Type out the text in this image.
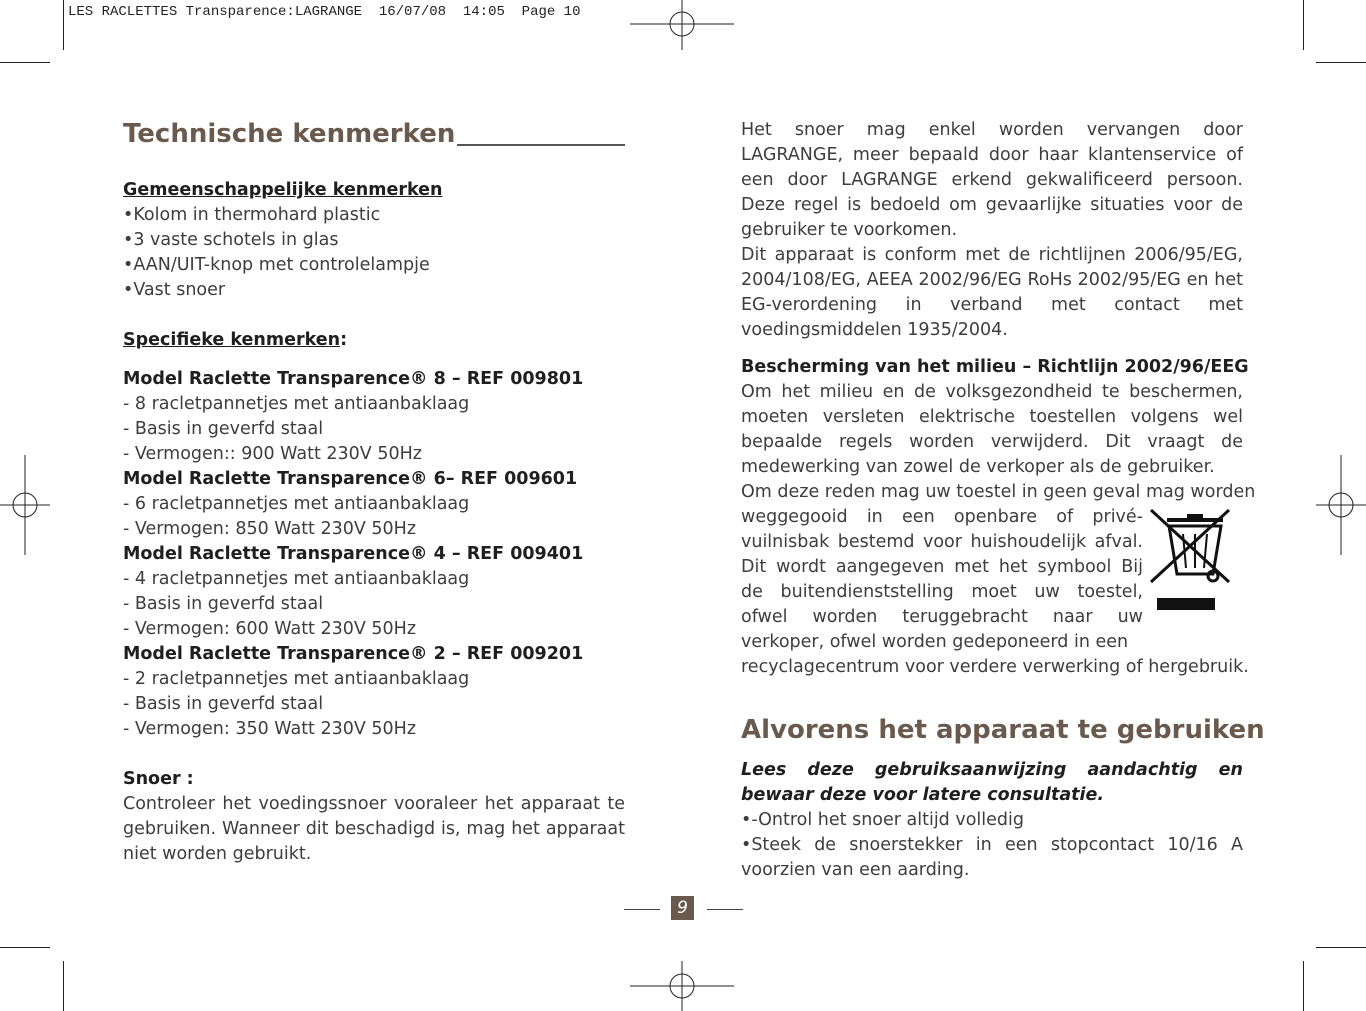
LES RACLETTES Transparence:LAGRANGE  16/07/08  14:05  Page 10
Technische kenmerken
Gemeenschappelijke kenmerken
•Kolom in thermohard plastic
•3 vaste schotels in glas
•AAN/UIT-knop met controlelampje
•Vast snoer
Specifieke kenmerken:
Model Raclette Transparence® 8 – REF 009801
- 8 racletpannetjes met antiaanbaklaag
- Basis in geverfd staal
- Vermogen:: 900 Watt 230V 50Hz
Model Raclette Transparence® 6– REF 009601
- 6 racletpannetjes met antiaanbaklaag
- Vermogen: 850 Watt 230V 50Hz
Model Raclette Transparence® 4 – REF 009401
- 4 racletpannetjes met antiaanbaklaag
- Basis in geverfd staal
- Vermogen: 600 Watt 230V 50Hz
Model Raclette Transparence® 2 – REF 009201
- 2 racletpannetjes met antiaanbaklaag
- Basis in geverfd staal
- Vermogen: 350 Watt 230V 50Hz
Snoer :
Controleer het voedingssnoer vooraleer het apparaat te gebruiken. Wanneer dit beschadigd is, mag het apparaat niet worden gebruikt.
Het snoer mag enkel worden vervangen door LAGRANGE, meer bepaald door haar klantenservice of een door LAGRANGE erkend gekwalificeerd persoon. Deze regel is bedoeld om gevaarlijke situaties voor de gebruiker te voorkomen.
Dit apparaat is conform met de richtlijnen 2006/95/EG, 2004/108/EG, AEEA 2002/96/EG RoHs 2002/95/EG en het EG-verordening in verband met contact met voedingsmiddelen 1935/2004.
Bescherming van het milieu – Richtlijn 2002/96/EEG
Om het milieu en de volksgezondheid te beschermen, moeten versleten elektrische toestellen volgens wel bepaalde regels worden verwijderd. Dit vraagt de medewerking van zowel de verkoper als de gebruiker.
Om deze reden mag uw toestel in geen geval mag worden
weggegooid in een openbare of privé-vuilnisbak bestemd voor huishoudelijk afval. Dit wordt aangegeven met het symbool Bij de buitendienststelling moet uw toestel, ofwel worden teruggebracht naar uw verkoper, ofwel worden gedeponeerd in een
recyclagecentrum voor verdere verwerking of hergebruik.
Alvorens het apparaat te gebruiken
Lees deze gebruiksaanwijzing aandachtig en bewaar deze voor latere consultatie.
•-Ontrol het snoer altijd volledig
•Steek de snoerstekker in een stopcontact 10/16 A voorzien van een aarding.
9
